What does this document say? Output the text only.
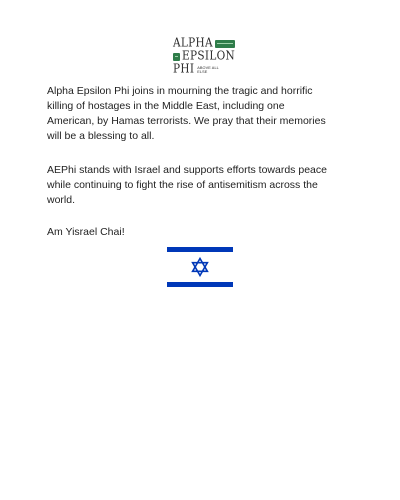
ALPHA
EPSILON
PHI ABOVE ALL ELSE

Alpha Epsilon Phi joins in mourning the tragic and horrific
killing of hostages in the Middle East, including one
American, by Hamas terrorists. We pray that their memories
will be a blessing to all.

AEPhi stands with Israel and supports efforts towards peace
while continuing to fight the rise of antisemitism across the
world.

Am Yisrael Chai!
